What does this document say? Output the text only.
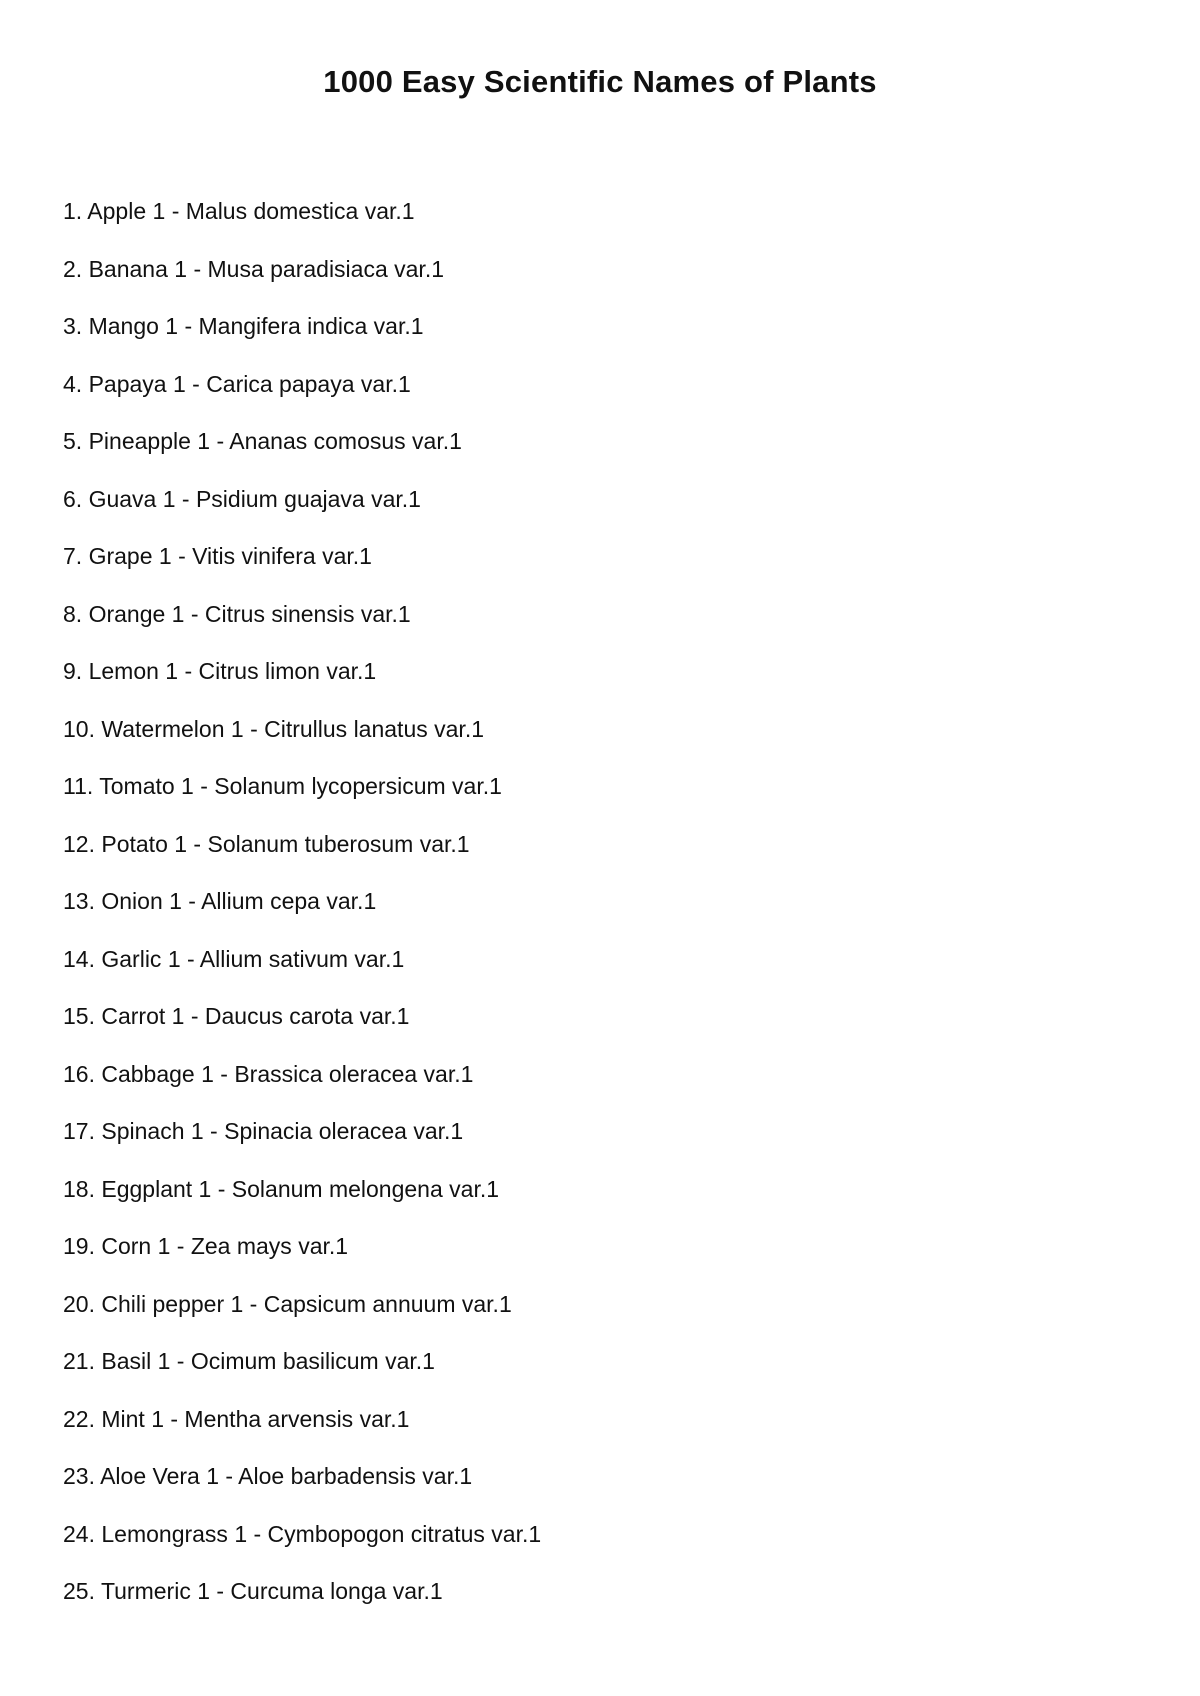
1000 Easy Scientific Names of Plants
1. Apple 1 - Malus domestica var.1
2. Banana 1 - Musa paradisiaca var.1
3. Mango 1 - Mangifera indica var.1
4. Papaya 1 - Carica papaya var.1
5. Pineapple 1 - Ananas comosus var.1
6. Guava 1 - Psidium guajava var.1
7. Grape 1 - Vitis vinifera var.1
8. Orange 1 - Citrus sinensis var.1
9. Lemon 1 - Citrus limon var.1
10. Watermelon 1 - Citrullus lanatus var.1
11. Tomato 1 - Solanum lycopersicum var.1
12. Potato 1 - Solanum tuberosum var.1
13. Onion 1 - Allium cepa var.1
14. Garlic 1 - Allium sativum var.1
15. Carrot 1 - Daucus carota var.1
16. Cabbage 1 - Brassica oleracea var.1
17. Spinach 1 - Spinacia oleracea var.1
18. Eggplant 1 - Solanum melongena var.1
19. Corn 1 - Zea mays var.1
20. Chili pepper 1 - Capsicum annuum var.1
21. Basil 1 - Ocimum basilicum var.1
22. Mint 1 - Mentha arvensis var.1
23. Aloe Vera 1 - Aloe barbadensis var.1
24. Lemongrass 1 - Cymbopogon citratus var.1
25. Turmeric 1 - Curcuma longa var.1
